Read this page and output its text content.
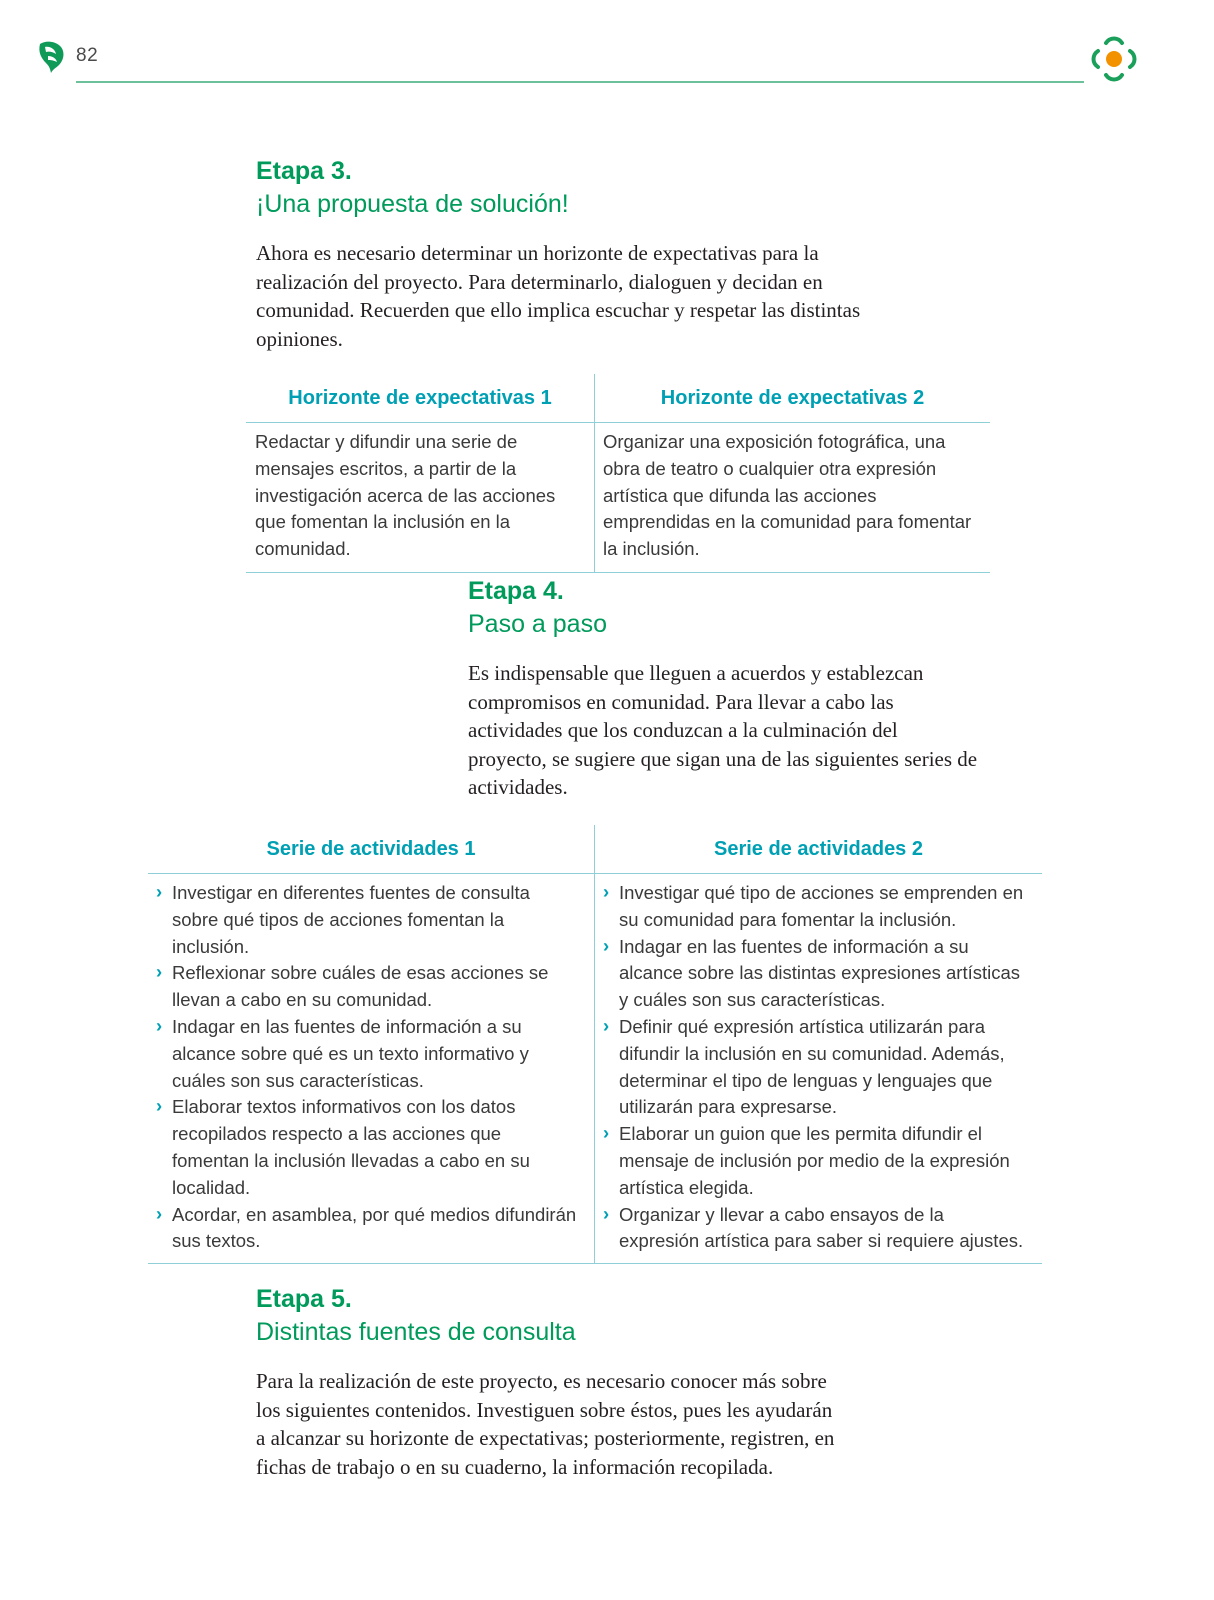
82
Etapa 3.
¡Una propuesta de solución!

Ahora es necesario determinar un horizonte de expectativas para la realización del proyecto. Para determinarlo, dialoguen y decidan en comunidad. Recuerden que ello implica escuchar y respetar las distintas opiniones.

Horizonte de expectativas 1

Redactar y difundir una serie de mensajes escritos, a partir de la investigación acerca de las acciones que fomentan la inclusión en la comunidad.

Horizonte de expectativas 2

Organizar una exposición fotográfica, una obra de teatro o cualquier otra expresión artística que difunda las acciones emprendidas en la comunidad para fomentar la inclusión.

Etapa 4.
Paso a paso

Es indispensable que lleguen a acuerdos y establezcan compromisos en comunidad. Para llevar a cabo las actividades que los conduzcan a la culminación del proyecto, se sugiere que sigan una de las siguientes series de actividades.

Serie de actividades 1
› Investigar en diferentes fuentes de consulta sobre qué tipos de acciones fomentan la inclusión.
› Reflexionar sobre cuáles de esas acciones se llevan a cabo en su comunidad.
› Indagar en las fuentes de información a su alcance sobre qué es un texto informativo y cuáles son sus características.
› Elaborar textos informativos con los datos recopilados respecto a las acciones que fomentan la inclusión llevadas a cabo en su localidad.
› Acordar, en asamblea, por qué medios difundirán sus textos.
Serie de actividades 2
› Investigar qué tipo de acciones se emprenden en su comunidad para fomentar la inclusión.
› Indagar en las fuentes de información a su alcance sobre las distintas expresiones artísticas y cuáles son sus características.
› Definir qué expresión artística utilizarán para difundir la inclusión en su comunidad. Además, determinar el tipo de lenguas y lenguajes que utilizarán para expresarse.
› Elaborar un guion que les permita difundir el mensaje de inclusión por medio de la expresión artística elegida.
› Organizar y llevar a cabo ensayos de la expresión artística para saber si requiere ajustes.
Etapa 5.
Distintas fuentes de consulta

Para la realización de este proyecto, es necesario conocer más sobre los siguientes contenidos. Investiguen sobre éstos, pues les ayudarán a alcanzar su horizonte de expectativas; posteriormente, registren, en fichas de trabajo o en su cuaderno, la información recopilada.
